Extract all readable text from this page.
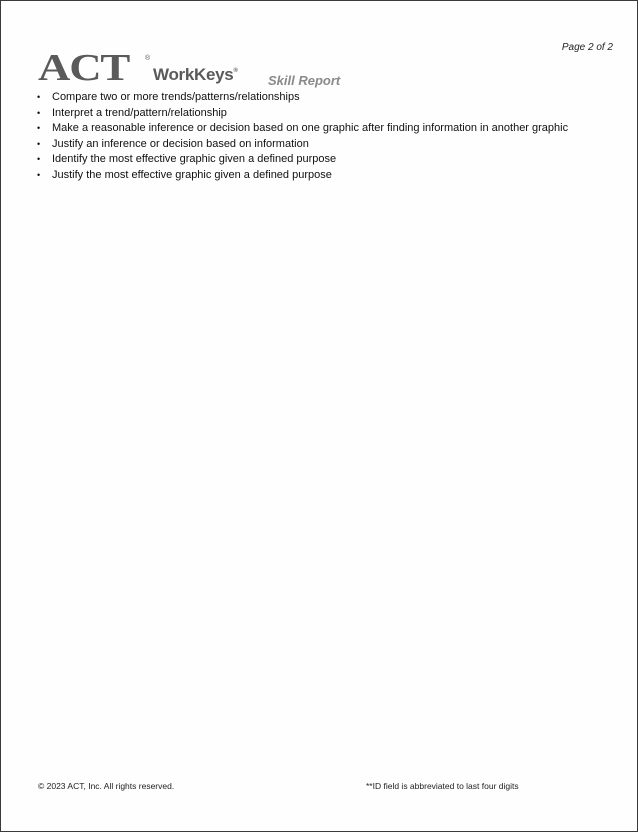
Page 2 of 2
ACT ®
WorkKeys®
Skill Report
• Compare two or more trends/patterns/relationships
• Interpret a trend/pattern/relationship
• Make a reasonable inference or decision based on one graphic after finding information in another graphic
• Justify an inference or decision based on information
• Identify the most effective graphic given a defined purpose
• Justify the most effective graphic given a defined purpose
© 2023 ACT, Inc. All rights reserved.	**ID field is abbreviated to last four digits
